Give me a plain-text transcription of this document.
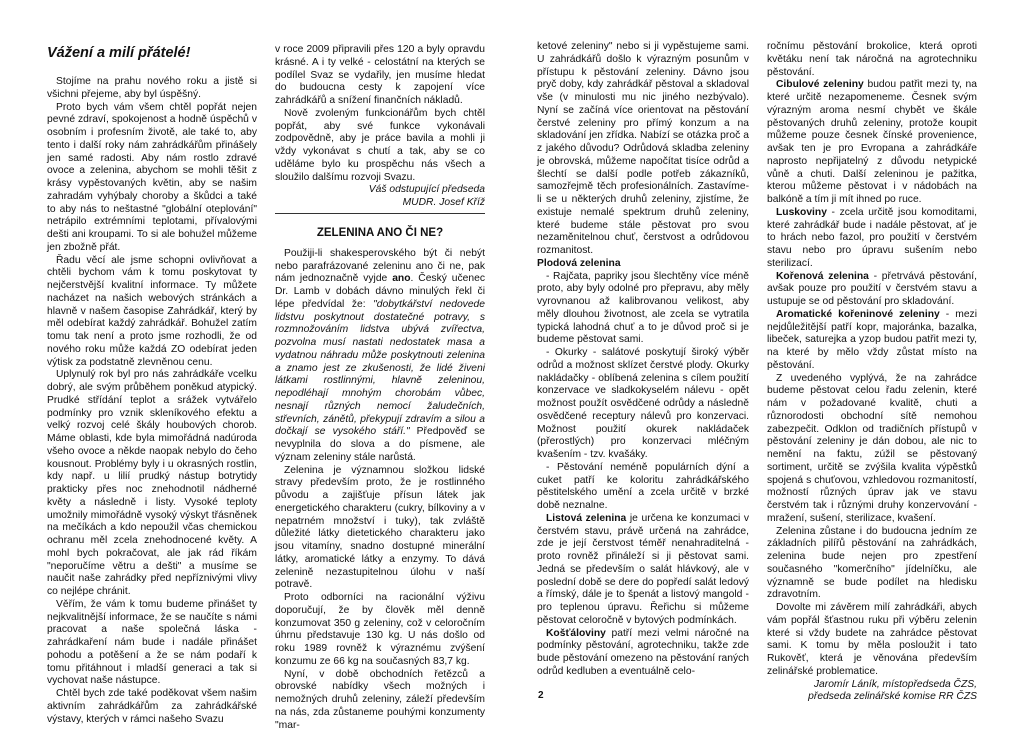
Vážení a milí přátelé!

Stojíme na prahu nového roku a jistě si všichni přejeme, aby byl úspěšný.

Proto bych vám všem chtěl popřát nejen pevné zdraví, spokojenost a hodně úspěchů v osobním i profesním životě, ale také to, aby tento i další roky nám zahrádkářům přinášely jen samé radosti. Aby nám rostlo zdravé ovoce a zelenina, abychom se mohli těšit z krásy vypěstovaných květin, aby se našim zahradám vyhýbaly choroby a škůdci a také to aby nás to neštastné "globální oteplování" netrápilo extrémními teplotami, přívalovými dešti ani kroupami. To si ale bohužel můžeme jen zbožně přát.

Řadu věcí ale jsme schopni ovlivňovat a chtěli bychom vám k tomu poskytovat ty nejčerstvější kvalitní informace. Ty můžete nacházet na našich webových stránkách a hlavně v našem časopise Zahrádkář, který by měl odebírat každý zahrádkář. Bohužel zatím tomu tak není a proto jsme rozhodli, že od nového roku může každá ZO odebírat jeden výtisk za podstatně zlevněnou cenu.

Uplynulý rok byl pro nás zahrádkáře vcelku dobrý, ale svým průběhem poněkud atypický. Prudké střídání teplot a srážek vytvářelo podmínky pro vznik skleníkového efektu a velký rozvoj celé škály houbových chorob. Máme oblasti, kde byla mimořádná nadúroda všeho ovoce a někde naopak nebylo do čeho kousnout. Problémy byly i u okrasných rostlin, kdy např. u lilií prudký nástup botrytidy prakticky přes noc znehodnotil nádherné květy a následně i listy. Vysoké teploty umožnily mimořádně vysoký výskyt třásněnek na mečíkách a kdo nepoužil včas chemickou ochranu měl zcela znehodnocené květy. A mohl bych pokračovat, ale jak rád říkám "neporučíme větru a dešti" a musíme se naučit naše zahrádky před nepříznivými vlivy co nejlépe chránit.

Věřím, že vám k tomu budeme přinášet ty nejkvalitnější informace, že se naučíte s námi pracovat a naše společná láska - zahrádkaření nám bude i nadále přinášet pohodu a potěšení a že se nám podaří k tomu přitáhnout i mladší generaci a tak si vychovat naše nástupce.

Chtěl bych zde také poděkovat všem našim aktivním zahrádkářům za zahrádkářské výstavy, kterých v rámci našeho Svazu

v roce 2009 připravili přes 120 a byly opravdu krásné. A i ty velké - celostátní na kterých se podílel Svaz se vydařily, jen musíme hledat do budoucna cesty k zapojení více zahrádkářů a snížení finančních nákladů.

Nově zvoleným funkcionářům bych chtěl popřát, aby své funkce vykonávali zodpovědně, aby je práce bavila a mohli ji vždy vykonávat s chutí a tak, aby se co uděláme bylo ku prospěchu nás všech a sloužilo dalšímu rozvoji Svazu.

Váš odstupující předseda

MUDR. Josef Kříž

ZELENINA ANO ČI NE?

Použiji-li shakesperovského být či nebýt nebo parafrázované zeleninu ano či ne, pak nám jednoznačně vyjde ano. Český učenec Dr. Lamb v dobách dávno minulých řekl či lépe předvídal že: "dobytkářství nedovede lidstvu poskytnout dostatečné potravy, s rozmnožováním lidstva ubývá zvířectva, pozvolna musí nastati nedostatek masa a vydatnou náhradu může poskytnouti zelenina a znamo jest ze zkušenosti, že lidé živeni látkami rostlinnými, hlavně zeleninou, nepodléhají mnohým chorobám vůbec, nesnají různých nemocí žaludečních, střevních, zánětů, překypují zdravím a silou a dočkají se vysokého stáří." Předpověď se nevyplnila do slova a do písmene, ale význam zeleniny stále narůstá.

Zelenina je významnou složkou lidské stravy především proto, že je rostlinného původu a zajišťuje přísun látek jak energetického charakteru (cukry, bílkoviny a v nepatrném množství i tuky), tak zvláště důležité látky dietetického charakteru jako jsou vitamíny, snadno dostupné minerální látky, aromatické látky a enzymy. To dává zelenině nezastupitelnou úlohu v naší potravě.

Proto odborníci na racionální výživu doporučují, že by člověk měl denně konzumovat 350 g zeleniny, což v celoročním úhrnu představuje 130 kg. U nás došlo od roku 1989 rovněž k výraznému zvýšení konzumu ze 66 kg na současných 83,7 kg.

Nyní, v době obchodních řetězců a obrovské nabídky všech možných i nemožných druhů zeleniny, záleží především na nás, zda zůstaneme pouhými konzumenty "mar-

ketové zeleniny" nebo si ji vypěstujeme sami. U zahrádkářů došlo k výrazným posunům v přístupu k pěstování zeleniny. Dávno jsou pryč doby, kdy zahrádkář pěstoval a skladoval vše (v minulosti mu nic jiného nezbývalo). Nyní se začíná více orientovat na pěstování čerstvé zeleniny pro přímý konzum a na skladování jen zřídka. Nabízí se otázka proč a z jakého důvodu? Odrůdová skladba zeleniny je obrovská, můžeme napočítat tisíce odrůd a šlechtí se další podle potřeb zákazníků, samozřejmě těch profesionálních. Zastavíme-li se u některých druhů zeleniny, zjistíme, že existuje nemalé spektrum druhů zeleniny, které budeme stále pěstovat pro svou nezaměnitelnou chuť, čerstvost a odrůdovou rozmanitost.

Plodová zelenina

- Rajčata, papriky jsou šlechtěny více méně proto, aby byly odolné pro přepravu, aby měly vyrovnanou až kalibrovanou velikost, aby měly dlouhou životnost, ale zcela se vytratila typická lahodná chuť a to je důvod proč si je budeme pěstovat sami.

- Okurky - salátové poskytují široký výběr odrůd a možnost sklízet čerstvé plody. Okurky nakládačky - oblíbená zelenina s cílem použití konzervace ve sladkokyselém nálevu - opět možnost použít osvědčené odrůdy a následně osvědčené receptury nálevů pro konzervaci. Možnost použití okurek nakládaček (přerostlých) pro konzervaci mléčným kvašením - tzv. kvašáky.

- Pěstování neméně populárních dýní a cuket patří ke koloritu zahrádkářského pěstitelského umění a zcela určitě v brzké době neznalne.

Listová zelenina je určena ke konzumaci v čerstvém stavu, právě určená na zahrádce, zde je její čerstvost téměř nenahraditelná - proto rovněž přináleží si ji pěstovat sami. Jedná se především o salát hlávkový, ale v poslední době se dere do popředí salát ledový a římský, dále je to špenát a listový mangold - pro teplenou úpravu. Řeřichu si můžeme pěstovat celoročně v bytových podmínkách.

Košťáloviny patří mezi velmi náročné na podmínky pěstování, agrotechniku, takže zde bude pěstování omezeno na pěstování raných odrůd kedluben a eventuálně celo-

ročnímu pěstování brokolice, která oproti květáku není tak náročná na agrotechniku pěstování.

Cibulové zeleniny budou patřit mezi ty, na které určitě nezapomeneme. Česnek svým výrazným aroma nesmí chybět ve škále pěstovaných druhů zeleniny, protože koupit můžeme pouze česnek čínské provenience, avšak ten je pro Evropana a zahrádkáře naprosto nepřijatelný z důvodu netypické vůně a chuti. Další zeleninou je pažitka, kterou můžeme pěstovat i v nádobách na balkóně a tím ji mít ihned po ruce.

Luskoviny - zcela určitě jsou komoditami, které zahrádkář bude i nadále pěstovat, ať je to hrách nebo fazol, pro použití v čerstvém stavu nebo pro úpravu sušením nebo sterilizací.

Kořenová zelenina - přetrvává pěstování, avšak pouze pro použití v čerstvém stavu a ustupuje se od pěstování pro skladování.

Aromatické kořeninové zeleniny - mezi nejdůležitější patří kopr, majoránka, bazalka, libeček, saturejka a yzop budou patřit mezi ty, na které by mělo vždy zůstat místo na pěstování.

Z uvedeného vyplývá, že na zahrádce budeme pěstovat celou řadu zelenin, které nám v požadované kvalitě, chuti a různorodosti obchodní sítě nemohou zabezpečit. Odklon od tradičních přístupů v pěstování zeleniny je dán dobou, ale nic to nemění na faktu, zúžil se pěstovaný sortiment, určitě se zvýšila kvalita výpěstků spojená s chuťovou, vzhledovou rozmanitostí, možností různých úprav jak ve stavu čerstvém tak i různými druhy konzervování - mražení, sušení, sterilizace, kvašení.

Zelenina zůstane i do budoucna jedním ze základních pilířů pěstování na zahrádkách, zelenina bude nejen pro zpestření současného "komerčního" jídelníčku, ale významně se bude podílet na hledisku zdravotním.

Dovolte mi závěrem milí zahrádkáři, abych vám popřál šťastnou ruku při výběru zelenin které si vždy budete na zahrádce pěstovat sami. K tomu by měla posloužit i tato Rukověť, která je věnována především zelinářské problematice.

Jaromír Láník, místopředseda ČZS,

předseda zelinářské komise RR ČZS

2
